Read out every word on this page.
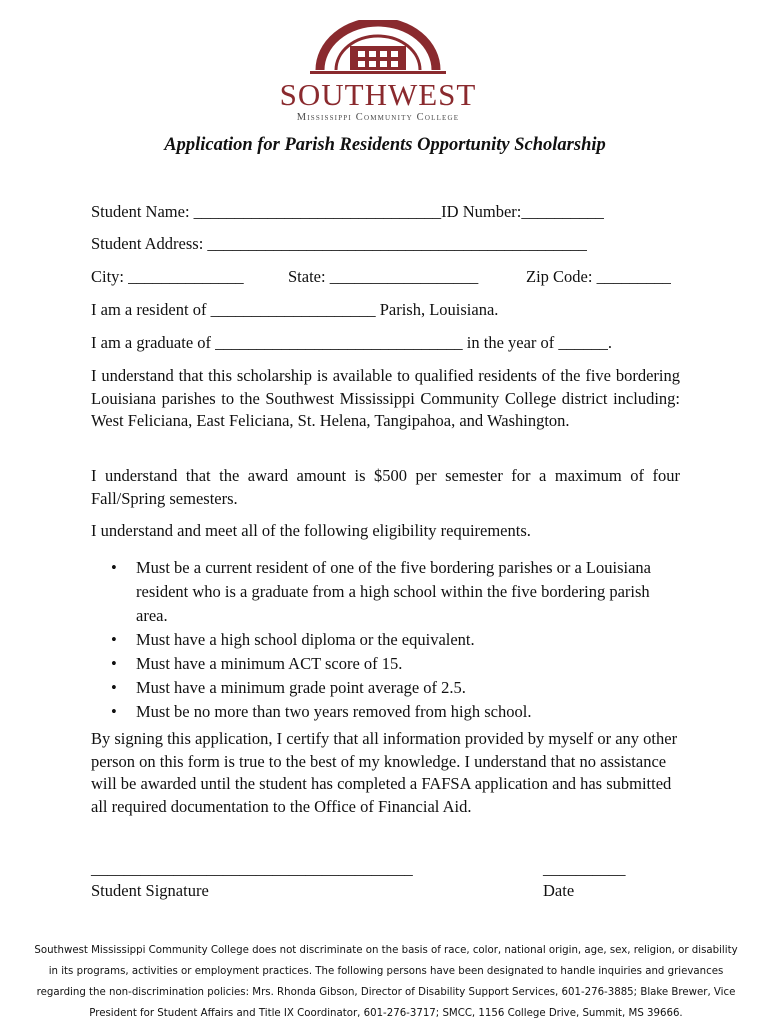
SOUTHWEST
Mississippi Community College
Application for Parish Residents Opportunity Scholarship
Student Name: ______________________________ID Number:__________
Student Address: ______________________________________________
City: ______________	State: __________________	Zip Code: _________
I am a resident of ____________________ Parish, Louisiana.
I am a graduate of ______________________________ in the year of ______.
I understand that this scholarship is available to qualified residents of the five bordering Louisiana parishes to the Southwest Mississippi Community College district including: West Feliciana, East Feliciana, St. Helena, Tangipahoa, and Washington.
I understand that the award amount is $500 per semester for a maximum of four Fall/Spring semesters.
I understand and meet all of the following eligibility requirements.
• Must be a current resident of one of the five bordering parishes or a Louisiana resident who is a graduate from a high school within the five bordering parish area.
• Must have a high school diploma or the equivalent.
• Must have a minimum ACT score of 15.
• Must have a minimum grade point average of 2.5.
• Must be no more than two years removed from high school.
By signing this application, I certify that all information provided by myself or any other person on this form is true to the best of my knowledge. I understand that no assistance will be awarded until the student has completed a FAFSA application and has submitted all required documentation to the Office of Financial Aid.
_______________________________________
Student Signature
__________
Date
Southwest Mississippi Community College does not discriminate on the basis of race, color, national origin, age, sex, religion, or disability in its programs, activities or employment practices. The following persons have been designated to handle inquiries and grievances regarding the non-discrimination policies: Mrs. Rhonda Gibson, Director of Disability Support Services, 601-276-3885; Blake Brewer, Vice President for Student Affairs and Title IX Coordinator, 601-276-3717; SMCC, 1156 College Drive, Summit, MS 39666.
